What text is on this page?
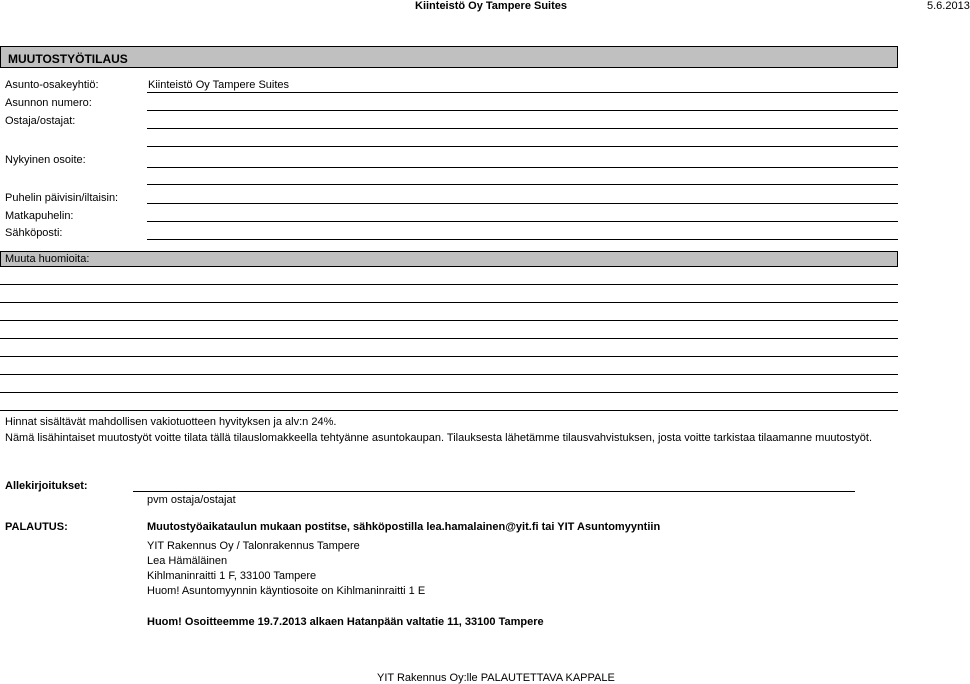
Kiinteistö Oy Tampere Suites	5.6.2013
MUUTOSTYÖTILAUS
Asunto-osakeyhtiö:	Kiinteistö Oy Tampere Suites
Asunnon numero:
Ostaja/ostajat:
Nykyinen osoite:
Puhelin päivisin/iltaisin:
Matkapuhelin:
Sähköposti:
Muuta huomioita:
Hinnat sisältävät mahdollisen vakiotuotteen hyvityksen ja alv:n 24%.
Nämä lisähintaiset muutostyöt voitte tilata tällä tilauslomakkeella tehtyänne asuntokaupan. Tilauksesta lähetämme tilausvahvistuksen, josta voitte tarkistaa tilaamanne muutostyöt.
Allekirjoitukset:
pvm ostaja/ostajat
PALAUTUS:	Muutostyöaikataulun mukaan postitse, sähköpostilla lea.hamalainen@yit.fi tai YIT Asuntomyyntiin
YIT Rakennus Oy / Talonrakennus Tampere
Lea Hämäläinen
Kihlmaninraitti 1 F, 33100 Tampere
Huom! Asuntomyynnin käyntiosoite on Kihlmaninraitti 1 E
Huom! Osoitteemme 19.7.2013 alkaen Hatanpään valtatie 11, 33100 Tampere
YIT Rakennus Oy:lle PALAUTETTAVA KAPPALE
